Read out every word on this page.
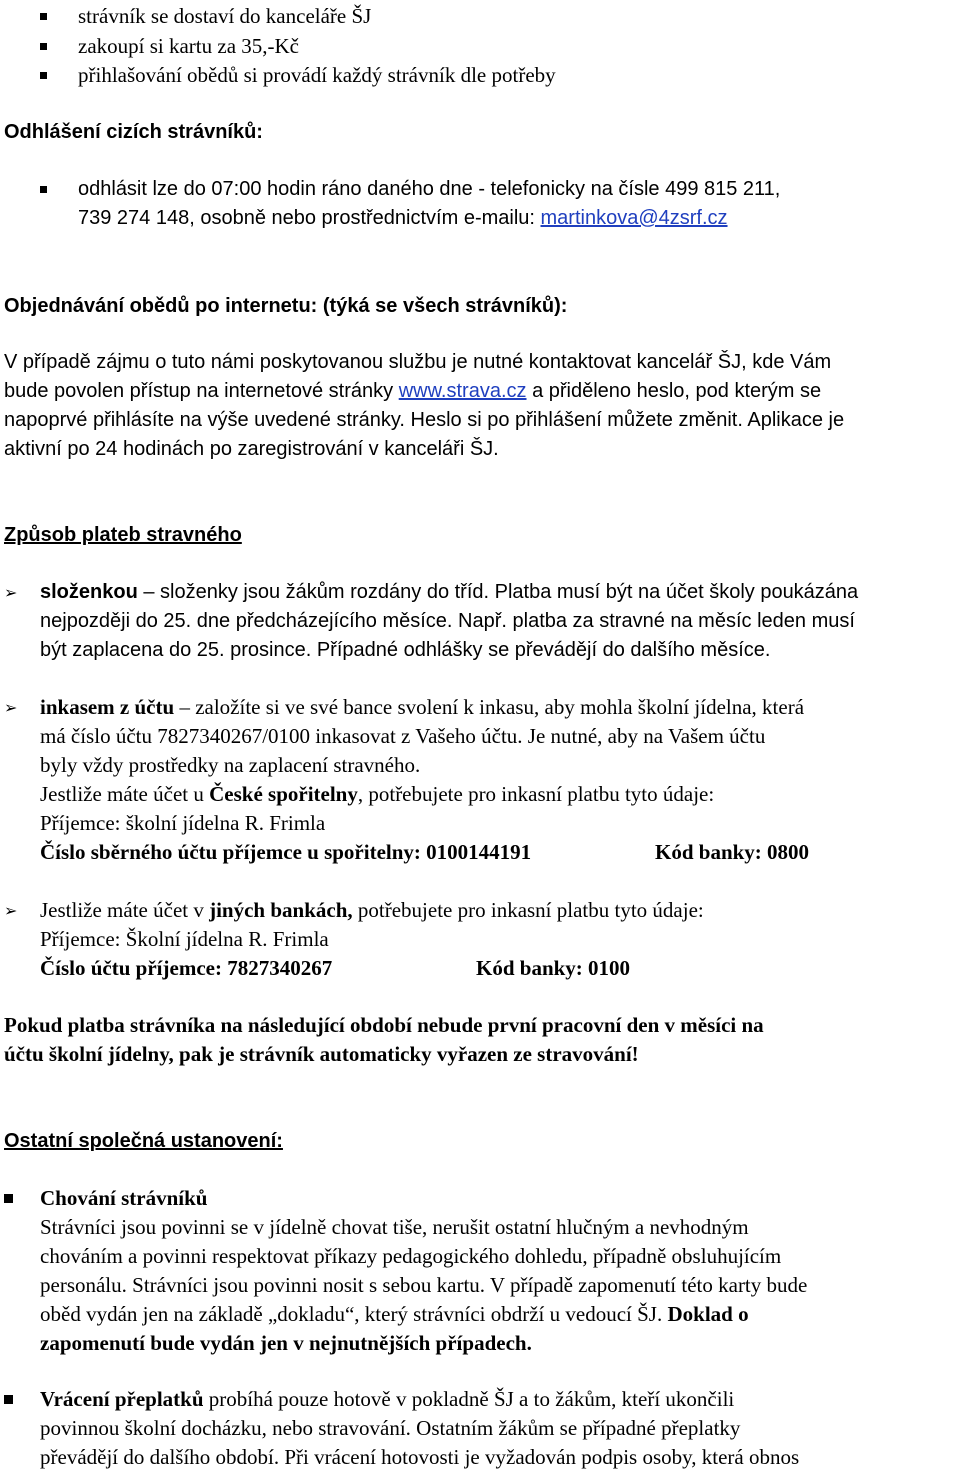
strávník se dostaví do kanceláře ŠJ
zakoupí si kartu za 35,-Kč
přihlašování obědů si provádí každý strávník dle potřeby
Odhlášení cizích strávníků:
odhlásit lze do 07:00 hodin ráno daného dne - telefonicky na čísle 499 815 211,
739 274 148, osobně nebo prostřednictvím e-mailu: martinkova@4zsrf.cz
Objednávání obědů po internetu: (týká se všech strávníků):
V případě zájmu o tuto námi poskytovanou službu je nutné kontaktovat kancelář ŠJ, kde Vám
bude povolen přístup na internetové stránky www.strava.cz a přiděleno heslo, pod kterým se
napoprvé přihlásíte na výše uvedené stránky. Heslo si po přihlášení můžete změnit. Aplikace je
aktivní po 24 hodinách po zaregistrování v kanceláři ŠJ.
Způsob plateb stravného
➢ složenkou – složenky jsou žákům rozdány do tříd. Platba musí být na účet školy poukázána
nejpozději do 25. dne předcházejícího měsíce. Např. platba za stravné na měsíc leden musí
být zaplacena do 25. prosince. Případné odhlášky se převádějí do dalšího měsíce.
➢ inkasem z účtu – založíte si ve své bance svolení k inkasu, aby mohla školní jídelna, která
má číslo účtu 7827340267/0100 inkasovat z Vašeho účtu. Je nutné, aby na Vašem účtu
byly vždy prostředky na zaplacení stravného.
Jestliže máte účet u České spořitelny, potřebujete pro inkasní platbu tyto údaje:
Příjemce: školní jídelna R. Frimla
Číslo sběrného účtu příjemce u spořitelny: 0100144191	Kód banky: 0800
➢ Jestliže máte účet v jiných bankách, potřebujete pro inkasní platbu tyto údaje:
Příjemce: Školní jídelna R. Frimla
Číslo účtu příjemce: 7827340267	Kód banky: 0100
Pokud platba strávníka na následující období nebude první pracovní den v měsíci na
účtu školní jídelny, pak je strávník automaticky vyřazen ze stravování!
Ostatní společná ustanovení:
Chování strávníků
Strávníci jsou povinni se v jídelně chovat tiše, nerušit ostatní hlučným a nevhodným
chováním a povinni respektovat příkazy pedagogického dohledu, případně obsluhujícím
personálu. Strávníci jsou povinni nosit s sebou kartu. V případě zapomenutí této karty bude
oběd vydán jen na základě „dokladu“, který strávníci obdrží u vedoucí ŠJ. Doklad o
zapomenutí bude vydán jen v nejnutnějších případech.
Vrácení přeplatků probíhá pouze hotově v pokladně ŠJ a to žákům, kteří ukončili
povinnou školní docházku, nebo stravování. Ostatním žákům se případné přeplatky
převádějí do dalšího období. Při vrácení hotovosti je vyžadován podpis osoby, která obnos
